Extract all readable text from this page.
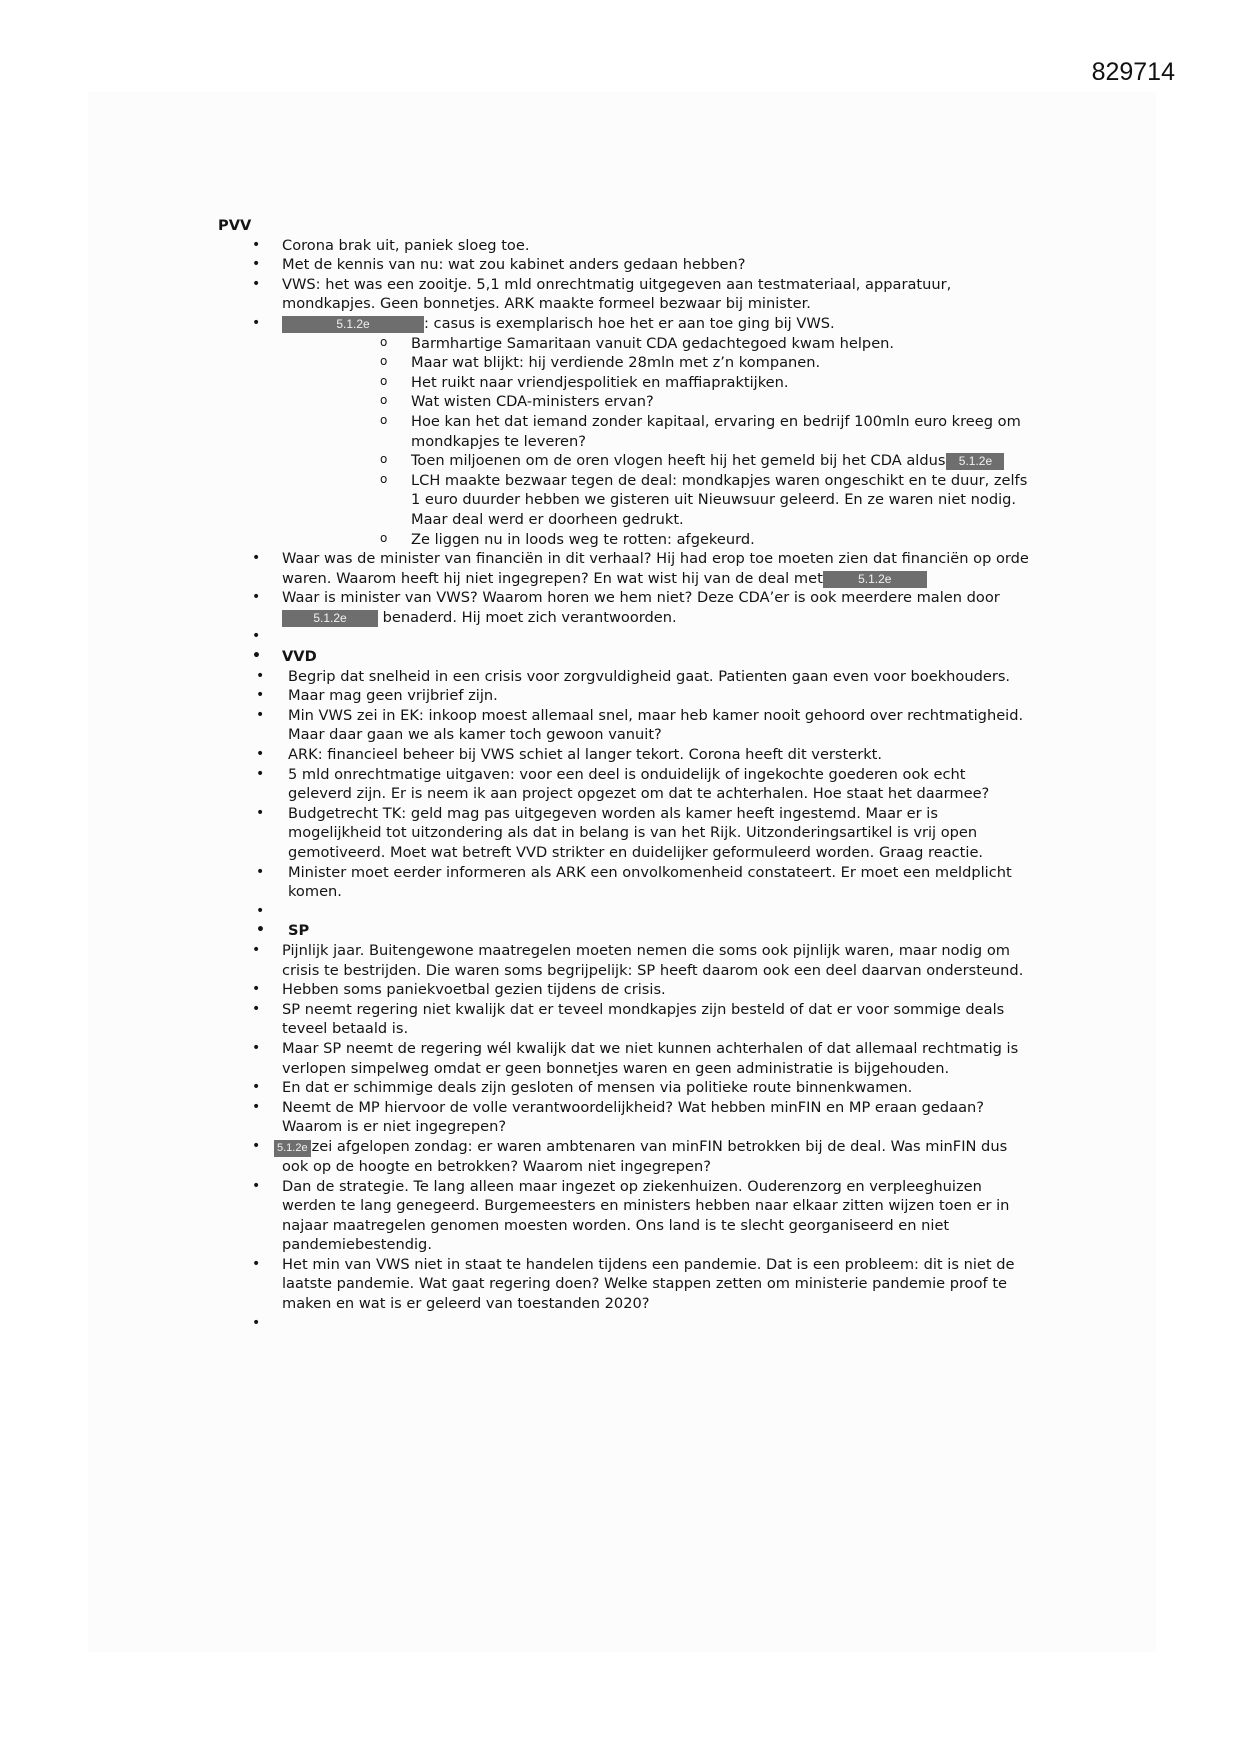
829714
PVV
• Corona brak uit, paniek sloeg toe.
• Met de kennis van nu: wat zou kabinet anders gedaan hebben?
• VWS: het was een zooitje. 5,1 mld onrechtmatig uitgegeven aan testmateriaal, apparatuur, mondkapjes. Geen bonnetjes. ARK maakte formeel bezwaar bij minister.
• 5.1.2e	: casus is exemplarisch hoe het er aan toe ging bij VWS.
o Barmhartige Samaritaan vanuit CDA gedachtegoed kwam helpen.
o Maar wat blijkt: hij verdiende 28mln met z’n kompanen.
o Het ruikt naar vriendjespolitiek en maffiapraktijken.
o Wat wisten CDA-ministers ervan?
o Hoe kan het dat iemand zonder kapitaal, ervaring en bedrijf 100mln euro kreeg om mondkapjes te leveren?
o Toen miljoenen om de oren vlogen heeft hij het gemeld bij het CDA aldus 5.1.2e
o LCH maakte bezwaar tegen de deal: mondkapjes waren ongeschikt en te duur, zelfs 1 euro duurder hebben we gisteren uit Nieuwsuur geleerd. En ze waren niet nodig. Maar deal werd er doorheen gedrukt.
o Ze liggen nu in loods weg te rotten: afgekeurd.
• Waar was de minister van financiën in dit verhaal? Hij had erop toe moeten zien dat financiën op orde waren. Waarom heeft hij niet ingegrepen? En wat wist hij van de deal met	5.1.2e
• Waar is minister van VWS? Waarom horen we hem niet? Deze CDA’er is ook meerdere malen door5.1.2e benaderd. Hij moet zich verantwoorden.
•
• VVD
• Begrip dat snelheid in een crisis voor zorgvuldigheid gaat. Patienten gaan even voor boekhouders.
• Maar mag geen vrijbrief zijn.
• Min VWS zei in EK: inkoop moest allemaal snel, maar heb kamer nooit gehoord over rechtmatigheid. Maar daar gaan we als kamer toch gewoon vanuit?
• ARK: financieel beheer bij VWS schiet al langer tekort. Corona heeft dit versterkt.
• 5 mld onrechtmatige uitgaven: voor een deel is onduidelijk of ingekochte goederen ook echt geleverd zijn. Er is neem ik aan project opgezet om dat te achterhalen. Hoe staat het daarmee?
• Budgetrecht TK: geld mag pas uitgegeven worden als kamer heeft ingestemd. Maar er is mogelijkheid tot uitzondering als dat in belang is van het Rijk. Uitzonderingsartikel is vrij open gemotiveerd. Moet wat betreft VVD strikter en duidelijker geformuleerd worden. Graag reactie.
• Minister moet eerder informeren als ARK een onvolkomenheid constateert. Er moet een meldplicht komen.
•
• SP
• Pijnlijk jaar. Buitengewone maatregelen moeten nemen die soms ook pijnlijk waren, maar nodig om crisis te bestrijden. Die waren soms begrijpelijk: SP heeft daarom ook een deel daarvan ondersteund.
• Hebben soms paniekvoetbal gezien tijdens de crisis.
• SP neemt regering niet kwalijk dat er teveel mondkapjes zijn besteld of dat er voor sommige deals teveel betaald is.
• Maar SP neemt de regering wél kwalijk dat we niet kunnen achterhalen of dat allemaal rechtmatig is verlopen simpelweg omdat er geen bonnetjes waren en geen administratie is bijgehouden.
• En dat er schimmige deals zijn gesloten of mensen via politieke route binnenkwamen.
• Neemt de MP hiervoor de volle verantwoordelijkheid? Wat hebben minFIN en MP eraan gedaan? Waarom is er niet ingegrepen?
• 5.1.2e zei afgelopen zondag: er waren ambtenaren van minFIN betrokken bij de deal. Was minFIN dus ook op de hoogte en betrokken? Waarom niet ingegrepen?
• Dan de strategie. Te lang alleen maar ingezet op ziekenhuizen. Ouderenzorg en verpleeghuizen werden te lang genegeerd. Burgemeesters en ministers hebben naar elkaar zitten wijzen toen er in najaar maatregelen genomen moesten worden. Ons land is te slecht georganiseerd en niet pandemiebestendig.
• Het min van VWS niet in staat te handelen tijdens een pandemie. Dat is een probleem: dit is niet de laatste pandemie. Wat gaat regering doen? Welke stappen zetten om ministerie pandemie proof te maken en wat is er geleerd van toestanden 2020?
•
